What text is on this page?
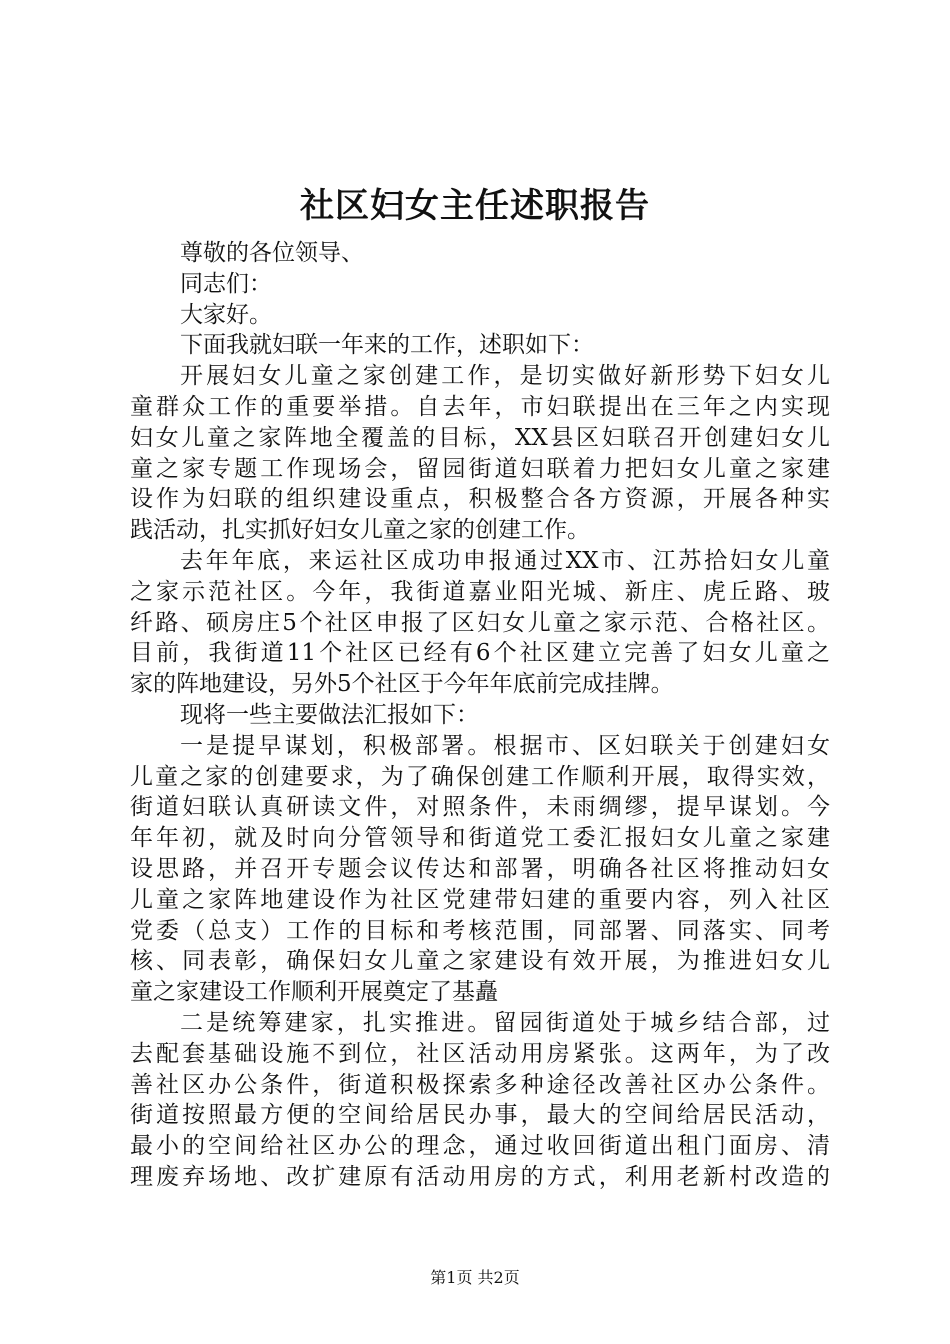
社区妇女主任述职报告
尊敬的各位领导、
同志们：
大家好。
下面我就妇联一年来的工作，述职如下：
开展妇女儿童之家创建工作，是切实做好新形势下妇女儿
童群众工作的重要举措。自去年，市妇联提出在三年之内实现
妇女儿童之家阵地全覆盖的目标，XX县区妇联召开创建妇女儿
童之家专题工作现场会，留园街道妇联着力把妇女儿童之家建
设作为妇联的组织建设重点，积极整合各方资源，开展各种实
践活动，扎实抓好妇女儿童之家的创建工作。
去年年底，来运社区成功申报通过XX市、江苏拾妇女儿童
之家示范社区。今年，我街道嘉业阳光城、新庄、虎丘路、玻
纤路、硕房庄5个社区申报了区妇女儿童之家示范、合格社区。
目前，我街道11个社区已经有6个社区建立完善了妇女儿童之
家的阵地建设，另外5个社区于今年年底前完成挂牌。
现将一些主要做法汇报如下：
一是提早谋划，积极部署。根据市、区妇联关于创建妇女
儿童之家的创建要求，为了确保创建工作顺利开展，取得实效，
街道妇联认真研读文件，对照条件，未雨绸缪，提早谋划。今
年年初，就及时向分管领导和街道党工委汇报妇女儿童之家建
设思路，并召开专题会议传达和部署，明确各社区将推动妇女
儿童之家阵地建设作为社区党建带妇建的重要内容，列入社区
党委（总支）工作的目标和考核范围，同部署、同落实、同考
核、同表彰，确保妇女儿童之家建设有效开展，为推进妇女儿
童之家建设工作顺利开展奠定了基矗
二是统筹建家，扎实推进。留园街道处于城乡结合部，过
去配套基础设施不到位，社区活动用房紧张。这两年，为了改
善社区办公条件，街道积极探索多种途径改善社区办公条件。
街道按照最方便的空间给居民办事，最大的空间给居民活动，
最小的空间给社区办公的理念，通过收回街道出租门面房、清
理废弃场地、改扩建原有活动用房的方式，利用老新村改造的
第1页 共2页
